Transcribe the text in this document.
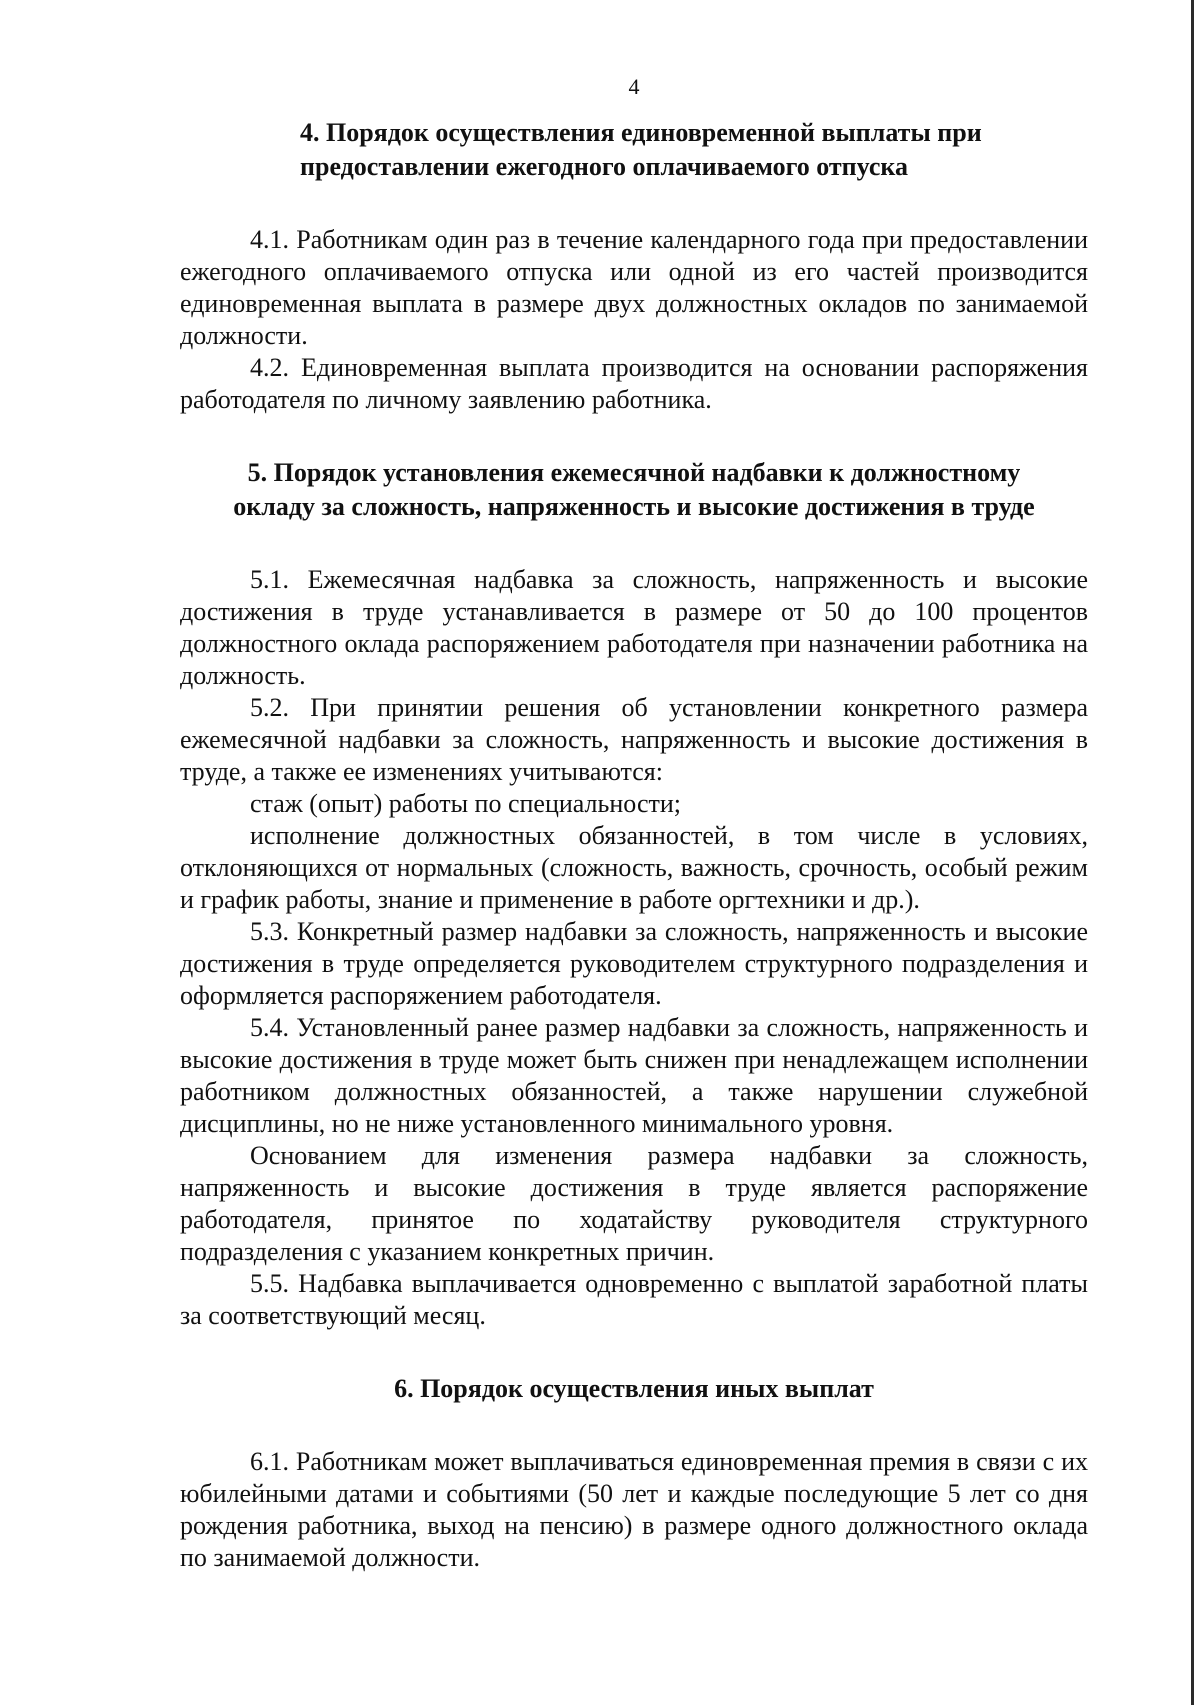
4

4. Порядок осуществления единовременной выплаты при
предоставлении ежегодного оплачиваемого отпуска

4.1. Работникам один раз в течение календарного года при предоставлении ежегодного оплачиваемого отпуска или одной из его частей производится единовременная выплата в размере двух должностных окладов по занимаемой должности.

4.2. Единовременная выплата производится на основании распоряжения работодателя по личному заявлению работника.

5. Порядок установления ежемесячной надбавки к должностному
окладу за сложность, напряженность и высокие достижения в труде

5.1. Ежемесячная надбавка за сложность, напряженность и высокие достижения в труде устанавливается в размере от 50 до 100 процентов должностного оклада распоряжением работодателя при назначении работника на должность.

5.2. При принятии решения об установлении конкретного размера ежемесячной надбавки за сложность, напряженность и высокие достижения в труде, а также ее изменениях учитываются:

стаж (опыт) работы по специальности;

исполнение должностных обязанностей, в том числе в условиях, отклоняющихся от нормальных (сложность, важность, срочность, особый режим и график работы, знание и применение в работе оргтехники и др.).

5.3. Конкретный размер надбавки за сложность, напряженность и высокие достижения в труде определяется руководителем структурного подразделения и оформляется распоряжением работодателя.

5.4. Установленный ранее размер надбавки за сложность, напряженность и высокие достижения в труде может быть снижен при ненадлежащем исполнении работником должностных обязанностей, а также нарушении служебной дисциплины, но не ниже установленного минимального уровня.

Основанием для изменения размера надбавки за сложность, напряженность и высокие достижения в труде является распоряжение работодателя, принятое по ходатайству руководителя структурного подразделения с указанием конкретных причин.

5.5. Надбавка выплачивается одновременно с выплатой заработной платы за соответствующий месяц.

6. Порядок осуществления иных выплат

6.1. Работникам может выплачиваться единовременная премия в связи с их юбилейными датами и событиями (50 лет и каждые последующие 5 лет со дня рождения работника, выход на пенсию) в размере одного должностного оклада по занимаемой должности.
